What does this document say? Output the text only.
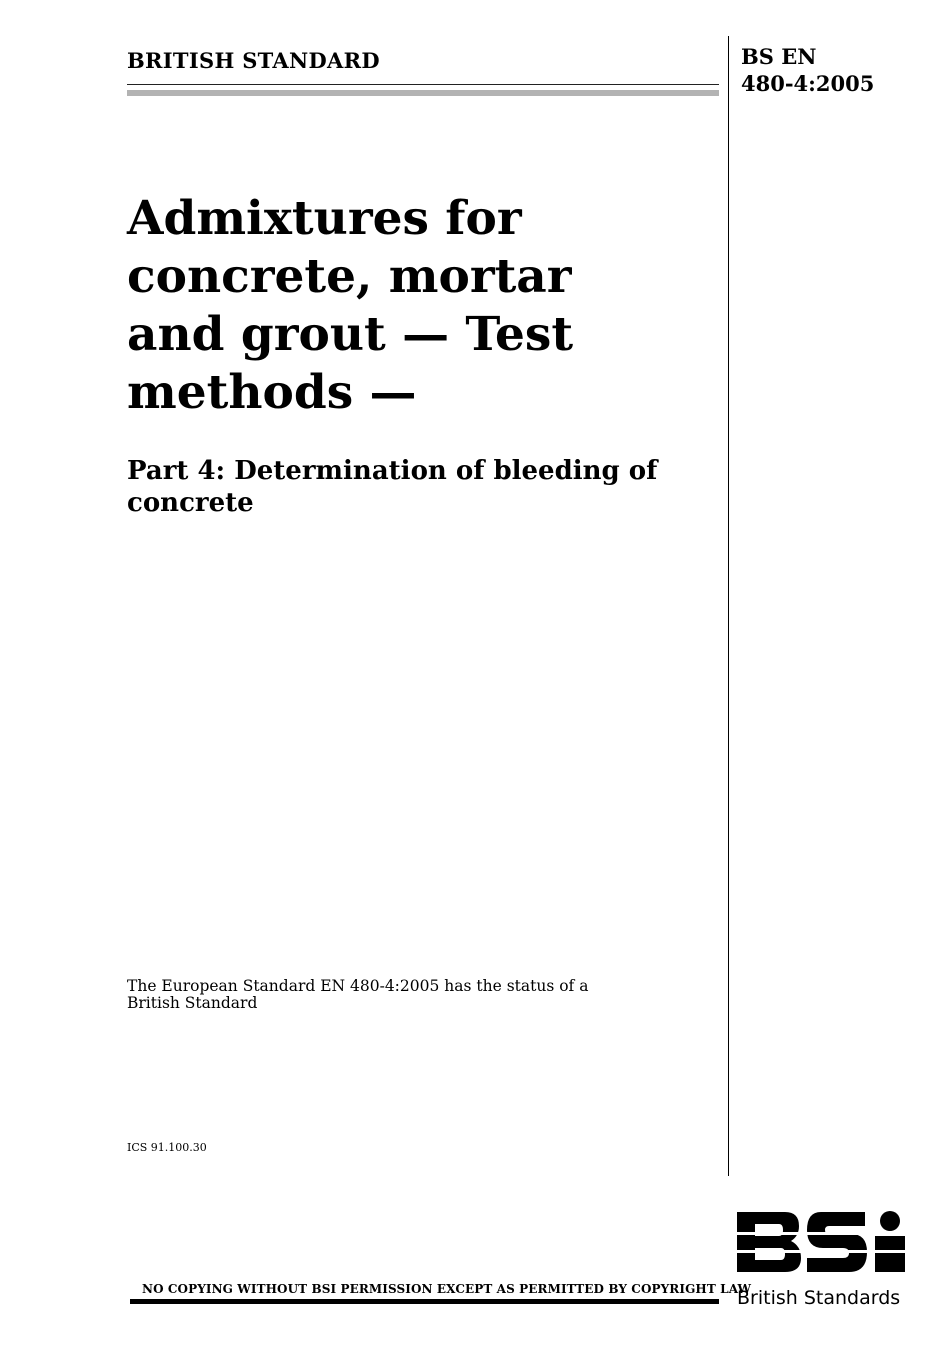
BRITISH STANDARD	BS EN
480-4:2005
Admixtures for
concrete, mortar
and grout — Test
methods —
Part 4: Determination of bleeding of
concrete
The European Standard EN 480-4:2005 has the status of a
British Standard
ICS 91.100.30
NO COPYING WITHOUT BSI PERMISSION EXCEPT AS PERMITTED BY COPYRIGHT LAW
British Standards
